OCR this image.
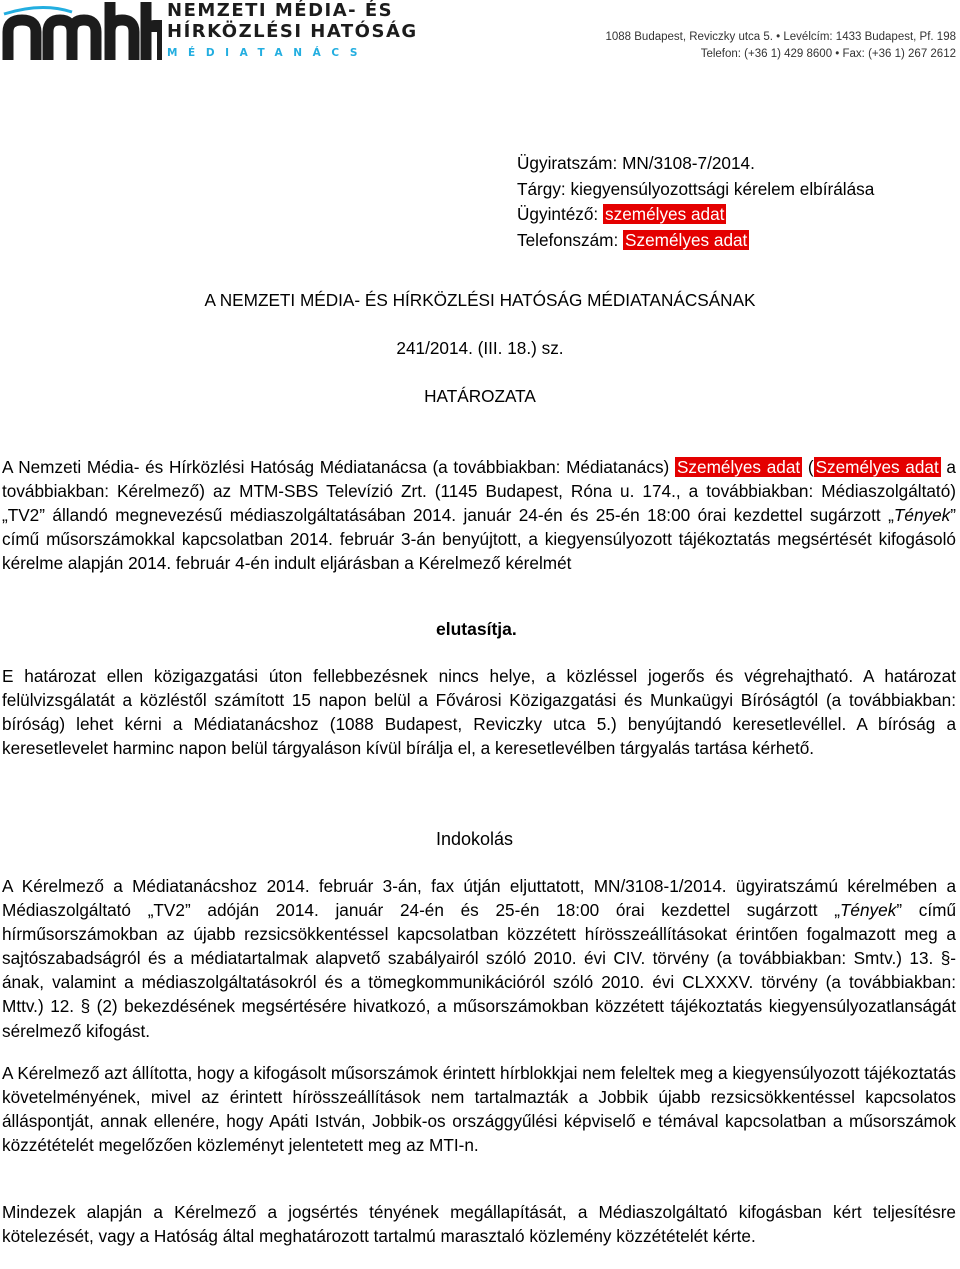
NEMZETI MÉDIA- ÉS
HÍRKÖZLÉSI HATÓSÁG
MÉDIATANÁCS
1088 Budapest, Reviczky utca 5. • Levélcím: 1433 Budapest, Pf. 198
Telefon: (+36 1) 429 8600 • Fax: (+36 1) 267 2612
Ügyiratszám: MN/3108-7/2014.
Tárgy: kiegyensúlyozottsági kérelem elbírálása
Ügyintéző: személyes adat
Telefonszám: Személyes adat
A NEMZETI MÉDIA- ÉS HÍRKÖZLÉSI HATÓSÁG MÉDIATANÁCSÁNAK
241/2014. (III. 18.) sz.
HATÁROZATA
A Nemzeti Média- és Hírközlési Hatóság Médiatanácsa (a továbbiakban: Médiatanács) Személyes adat ( Személyes adat a továbbiakban: Kérelmező) az MTM-SBS Televízió Zrt. (1145 Budapest, Róna u. 174., a továbbiakban: Médiaszolgáltató) „TV2” állandó megnevezésű médiaszolgáltatásában 2014. január 24-én és 25-én 18:00 órai kezdettel sugárzott „Tények” című műsorszámokkal kapcsolatban 2014. február 3-án benyújtott, a kiegyensúlyozott tájékoztatás megsértését kifogásoló kérelme alapján 2014. február 4-én indult eljárásban a Kérelmező kérelmét
elutasítja.
E határozat ellen közigazgatási úton fellebbezésnek nincs helye, a közléssel jogerős és végrehajtható. A határozat felülvizsgálatát a közléstől számított 15 napon belül a Fővárosi Közigazgatási és Munkaügyi Bíróságtól (a továbbiakban: bíróság) lehet kérni a Médiatanácshoz (1088 Budapest, Reviczky utca 5.) benyújtandó keresetlevéllel. A bíróság a keresetlevelet harminc napon belül tárgyaláson kívül bírálja el, a keresetlevélben tárgyalás tartása kérhető.
Indokolás
A Kérelmező a Médiatanácshoz 2014. február 3-án, fax útján eljuttatott, MN/3108-1/2014. ügyiratszámú kérelmében a Médiaszolgáltató „TV2” adóján 2014. január 24-én és 25-én 18:00 órai kezdettel sugárzott „Tények” című hírműsorszámokban az újabb rezsicsökkentéssel kapcsolatban közzétett hírösszeállításokat érintően fogalmazott meg a sajtószabadságról és a médiatartalmak alapvető szabályairól szóló 2010. évi CIV. törvény (a továbbiakban: Smtv.) 13. §-ának, valamint a médiaszolgáltatásokról és a tömegkommunikációról szóló 2010. évi CLXXXV. törvény (a továbbiakban: Mttv.) 12. § (2) bekezdésének megsértésére hivatkozó, a műsorszámokban közzétett tájékoztatás kiegyensúlyozatlanságát sérelmező kifogást.
A Kérelmező azt állította, hogy a kifogásolt műsorszámok érintett hírblokkjai nem feleltek meg a kiegyensúlyozott tájékoztatás követelményének, mivel az érintett hírösszeállítások nem tartalmazták a Jobbik újabb rezsicsökkentéssel kapcsolatos álláspontját, annak ellenére, hogy Apáti István, Jobbik-os országgyűlési képviselő e témával kapcsolatban a műsorszámok közzétételét megelőzően közleményt jelentetett meg az MTI-n.
Mindezek alapján a Kérelmező a jogsértés tényének megállapítását, a Médiaszolgáltató kifogásban kért teljesítésre kötelezését, vagy a Hatóság által meghatározott tartalmú marasztaló közlemény közzétételét kérte.
